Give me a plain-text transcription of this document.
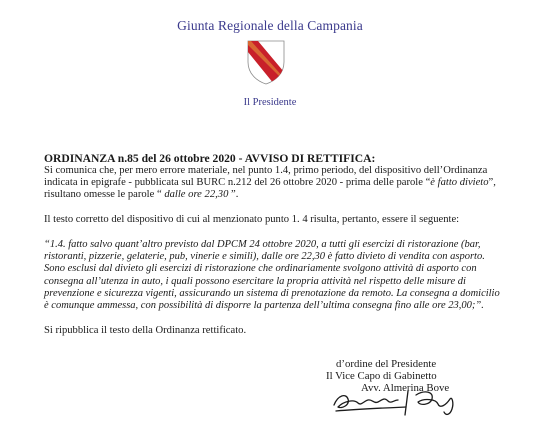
Giunta Regionale della Campania
Il Presidente
ORDINANZA n.85 del 26 ottobre 2020 - AVVISO DI RETTIFICA:
Si comunica che, per mero errore materiale, nel punto 1.4, primo periodo, del dispositivo dell’Ordinanza
indicata in epigrafe - pubblicata sul BURC n.212 del 26 ottobre 2020 - prima delle parole “è fatto divieto”,
risultano omesse le parole “ dalle ore 22,30 ”.
Il testo corretto del dispositivo di cui al menzionato punto 1. 4 risulta, pertanto, essere il seguente:
“1.4. fatto salvo quant’altro previsto dal DPCM 24 ottobre 2020, a tutti gli esercizi di ristorazione (bar,
ristoranti, pizzerie, gelaterie, pub, vinerie e simili), dalle ore 22,30 è fatto divieto di vendita con asporto.
Sono esclusi dal divieto gli esercizi di ristorazione che ordinariamente svolgono attività di asporto con
consegna all’utenza in auto, i quali possono esercitare la propria attività nel rispetto delle misure di
prevenzione e sicurezza vigenti, assicurando un sistema di prenotazione da remoto. La consegna a domicilio
è comunque ammessa, con possibilità di disporre la partenza dell’ultima consegna fino alle ore 23,00;”.
Si ripubblica il testo della Ordinanza rettificato.
d’ordine del Presidente
Il Vice Capo di Gabinetto
Avv. Almerina Bove
